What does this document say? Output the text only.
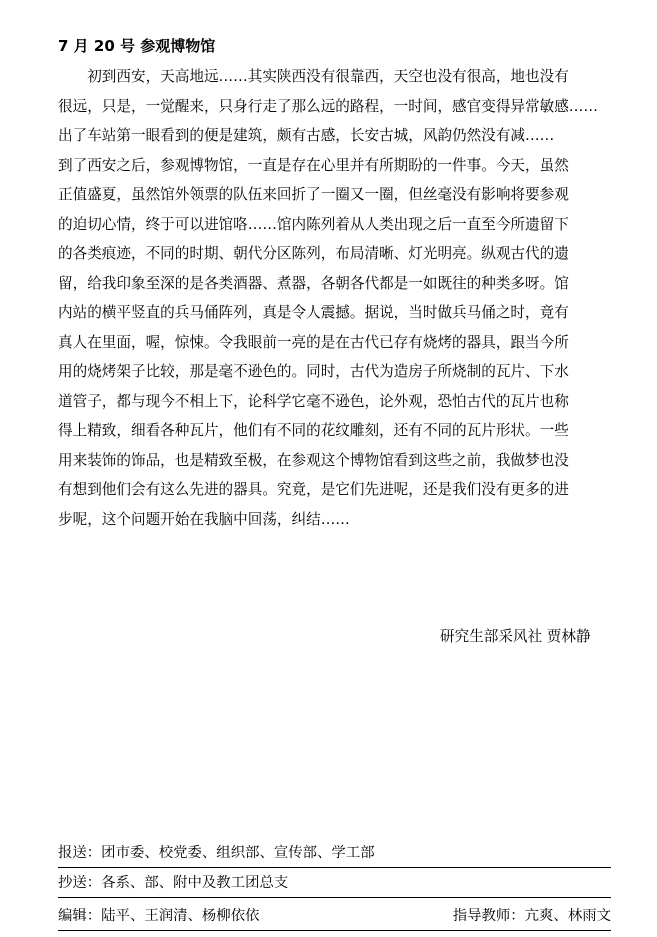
7 月 20 号 参观博物馆
　　初到西安，天高地远……其实陕西没有很靠西，天空也没有很高，地也没有
很远，只是，一觉醒来，只身行走了那么远的路程，一时间，感官变得异常敏感……
出了车站第一眼看到的便是建筑，颇有古感，长安古城，风韵仍然没有减……
到了西安之后，参观博物馆，一直是存在心里并有所期盼的一件事。今天，虽然
正值盛夏，虽然馆外领票的队伍来回折了一圈又一圈，但丝毫没有影响将要参观
的迫切心情，终于可以进馆咯……馆内陈列着从人类出现之后一直至今所遗留下
的各类痕迹，不同的时期、朝代分区陈列，布局清晰、灯光明亮。纵观古代的遗
留，给我印象至深的是各类酒器、煮器，各朝各代都是一如既往的种类多呀。馆
内站的横平竖直的兵马俑阵列，真是令人震撼。据说，当时做兵马俑之时，竟有
真人在里面，喔，惊悚。令我眼前一亮的是在古代已存有烧烤的器具，跟当今所
用的烧烤架子比较，那是毫不逊色的。同时，古代为造房子所烧制的瓦片、下水
道管子，都与现今不相上下，论科学它毫不逊色，论外观，恐怕古代的瓦片也称
得上精致，细看各种瓦片，他们有不同的花纹雕刻，还有不同的瓦片形状。一些
用来装饰的饰品，也是精致至极，在参观这个博物馆看到这些之前，我做梦也没
有想到他们会有这么先进的器具。究竟，是它们先进呢，还是我们没有更多的进
步呢，这个问题开始在我脑中回荡，纠结……
研究生部采风社 贾林静
报送：团市委、校党委、组织部、宣传部、学工部
抄送：各系、部、附中及教工团总支
编辑：陆平、王润清、杨柳依依	指导教师：亢爽、林雨文
